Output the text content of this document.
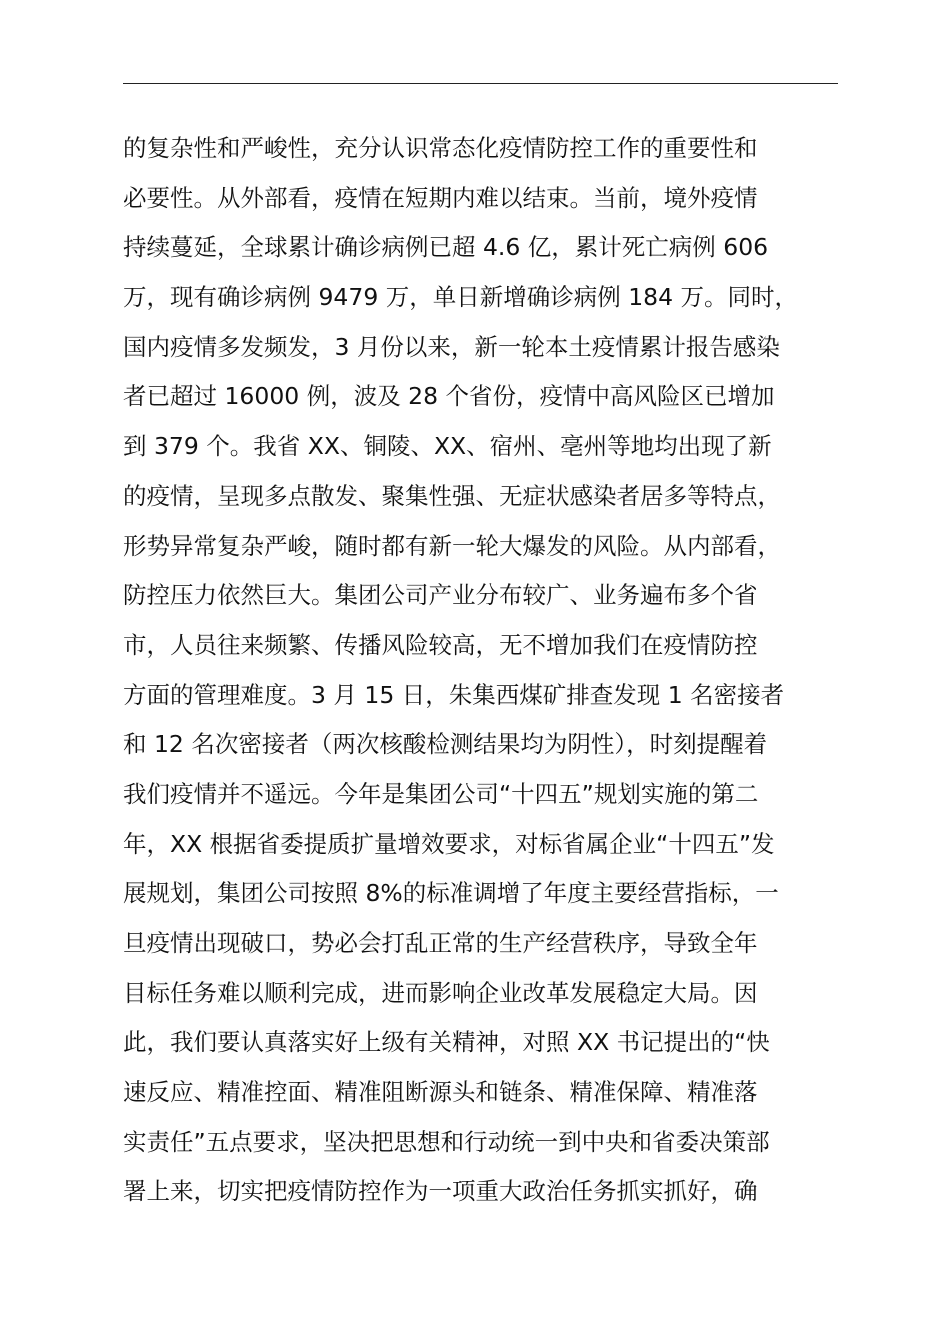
的复杂性和严峻性，充分认识常态化疫情防控工作的重要性和
必要性。从外部看，疫情在短期内难以结束。当前，境外疫情
持续蔓延，全球累计确诊病例已超 4.6 亿，累计死亡病例 606
万，现有确诊病例 9479 万，单日新增确诊病例 184 万。同时，
国内疫情多发频发，3 月份以来，新一轮本土疫情累计报告感染
者已超过 16000 例，波及 28 个省份，疫情中高风险区已增加
到 379 个。我省 XX、铜陵、XX、宿州、亳州等地均出现了新
的疫情，呈现多点散发、聚集性强、无症状感染者居多等特点，
形势异常复杂严峻，随时都有新一轮大爆发的风险。从内部看，
防控压力依然巨大。集团公司产业分布较广、业务遍布多个省
市，人员往来频繁、传播风险较高，无不增加我们在疫情防控
方面的管理难度。3 月 15 日，朱集西煤矿排查发现 1 名密接者
和 12 名次密接者（两次核酸检测结果均为阴性），时刻提醒着
我们疫情并不遥远。今年是集团公司“十四五”规划实施的第二
年，XX 根据省委提质扩量增效要求，对标省属企业“十四五”发
展规划，集团公司按照 8%的标准调增了年度主要经营指标，一
旦疫情出现破口，势必会打乱正常的生产经营秩序，导致全年
目标任务难以顺利完成，进而影响企业改革发展稳定大局。因
此，我们要认真落实好上级有关精神，对照 XX 书记提出的“快
速反应、精准控面、精准阻断源头和链条、精准保障、精准落
实责任”五点要求，坚决把思想和行动统一到中央和省委决策部
署上来，切实把疫情防控作为一项重大政治任务抓实抓好，确
